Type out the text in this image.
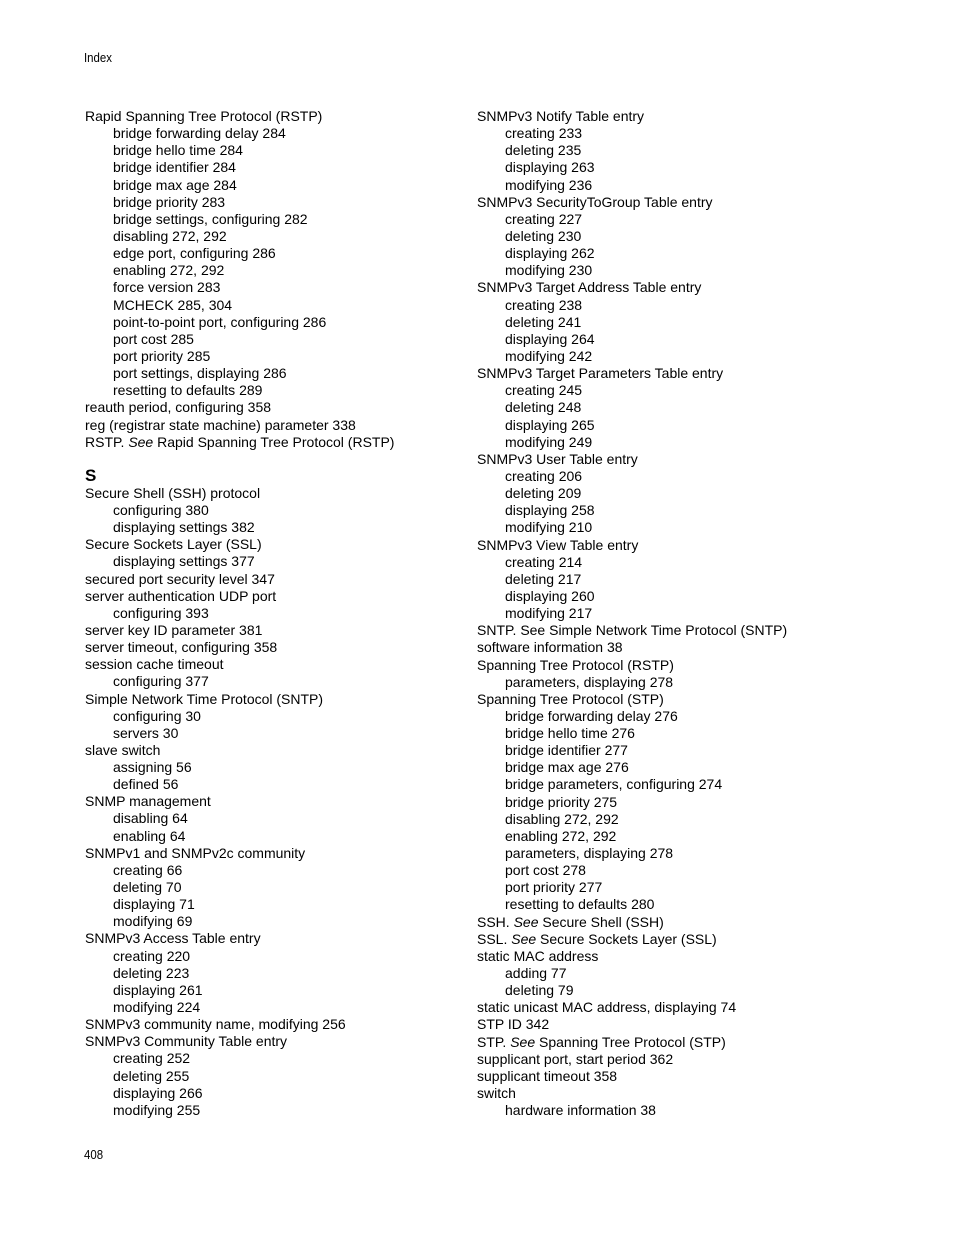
Index
Rapid Spanning Tree Protocol (RSTP)
bridge forwarding delay 284
bridge hello time 284
bridge identifier 284
bridge max age 284
bridge priority 283
bridge settings, configuring 282
disabling 272, 292
edge port, configuring 286
enabling 272, 292
force version 283
MCHECK 285, 304
point-to-point port, configuring 286
port cost 285
port priority 285
port settings, displaying 286
resetting to defaults 289
reauth period, configuring 358
reg (registrar state machine) parameter 338
RSTP. See Rapid Spanning Tree Protocol (RSTP)
S
Secure Shell (SSH) protocol
configuring 380
displaying settings 382
Secure Sockets Layer (SSL)
displaying settings 377
secured port security level 347
server authentication UDP port
configuring 393
server key ID parameter 381
server timeout, configuring 358
session cache timeout
configuring 377
Simple Network Time Protocol (SNTP)
configuring 30
servers 30
slave switch
assigning 56
defined 56
SNMP management
disabling 64
enabling 64
SNMPv1 and SNMPv2c community
creating 66
deleting 70
displaying 71
modifying 69
SNMPv3 Access Table entry
creating 220
deleting 223
displaying 261
modifying 224
SNMPv3 community name, modifying 256
SNMPv3 Community Table entry
creating 252
deleting 255
displaying 266
modifying 255
SNMPv3 Notify Table entry
creating 233
deleting 235
displaying 263
modifying 236
SNMPv3 SecurityToGroup Table entry
creating 227
deleting 230
displaying 262
modifying 230
SNMPv3 Target Address Table entry
creating 238
deleting 241
displaying 264
modifying 242
SNMPv3 Target Parameters Table entry
creating 245
deleting 248
displaying 265
modifying 249
SNMPv3 User Table entry
creating 206
deleting 209
displaying 258
modifying 210
SNMPv3 View Table entry
creating 214
deleting 217
displaying 260
modifying 217
SNTP. See Simple Network Time Protocol (SNTP)
software information 38
Spanning Tree Protocol (RSTP)
parameters, displaying 278
Spanning Tree Protocol (STP)
bridge forwarding delay 276
bridge hello time 276
bridge identifier 277
bridge max age 276
bridge parameters, configuring 274
bridge priority 275
disabling 272, 292
enabling 272, 292
parameters, displaying 278
port cost 278
port priority 277
resetting to defaults 280
SSH. See Secure Shell (SSH)
SSL. See Secure Sockets Layer (SSL)
static MAC address
adding 77
deleting 79
static unicast MAC address, displaying 74
STP ID 342
STP. See Spanning Tree Protocol (STP)
supplicant port, start period 362
supplicant timeout 358
switch
hardware information 38
408
